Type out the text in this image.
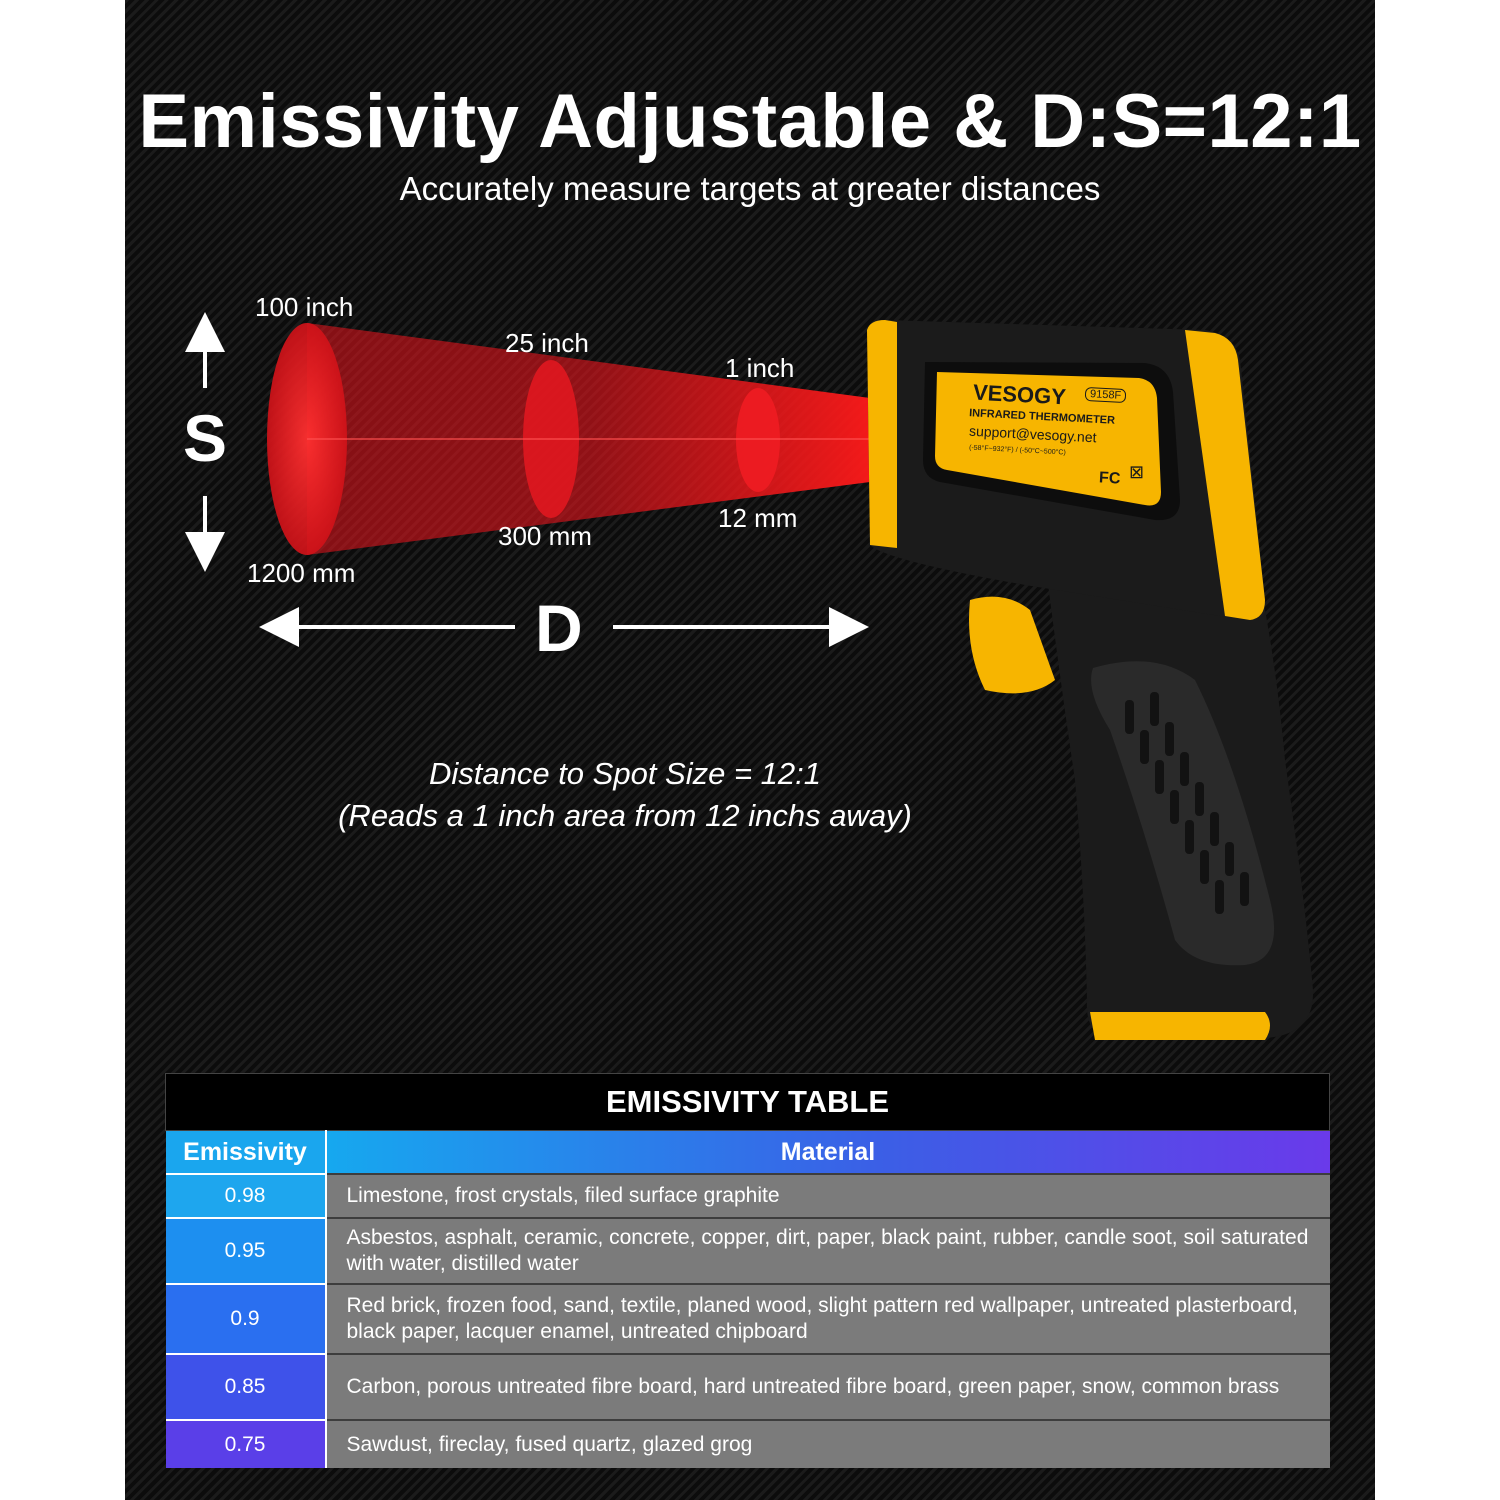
Emissivity Adjustable & D:S=12:1
Accurately measure targets at greater distances
100 inch
25 inch
1 inch
1200 mm
300 mm
12 mm
S
D
VESOGY	9158F
INFRARED THERMOMETER
support@vesogy.net
(-58°F~932°F) / (-50°C~500°C)
FC ⊠
Distance to Spot Size = 12:1
(Reads a 1 inch area from 12 inchs away)
EMISSIVITY TABLE	
Emissivity	Material
0.98	Limestone, frost crystals, filed surface graphite
0.95	Asbestos, asphalt, ceramic, concrete, copper, dirt, paper, black paint, rubber, candle soot, soil saturated with water, distilled water
0.9	Red brick, frozen food, sand, textile, planed wood, slight pattern red wallpaper, untreated plasterboard, black paper, lacquer enamel, untreated chipboard
0.85	Carbon, porous untreated fibre board, hard untreated fibre board, green paper, snow, common brass
0.75	Sawdust, fireclay, fused quartz, glazed grog
